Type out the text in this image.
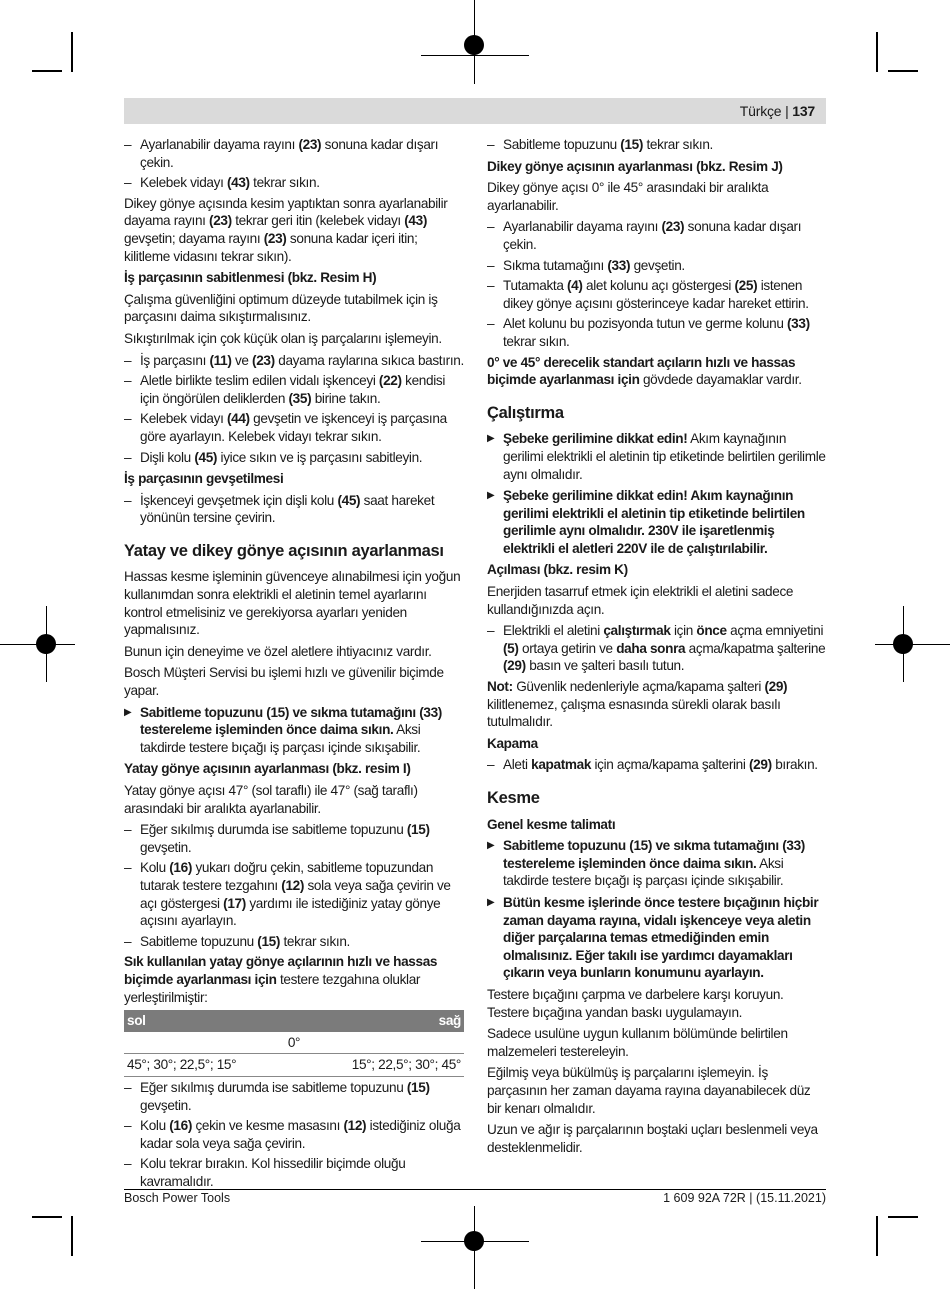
Türkçe | 137
– Ayarlanabilir dayama rayını (23) sonuna kadar dışarı çekin.
– Kelebek vidayı (43) tekrar sıkın.

Dikey gönye açısında kesim yaptıktan sonra ayarlanabilir dayama rayını (23) tekrar geri itin (kelebek vidayı (43) gevşetin; dayama rayını (23) sonuna kadar içeri itin; kilitleme vidasını tekrar sıkın).

İş parçasının sabitlenmesi (bkz. Resim H)

Çalışma güvenliğini optimum düzeyde tutabilmek için iş parçasını daima sıkıştırmalısınız.

Sıkıştırılmak için çok küçük olan iş parçalarını işlemeyin.

– İş parçasını (11) ve (23) dayama raylarına sıkıca bastırın.
– Aletle birlikte teslim edilen vidalı işkenceyi (22) kendisi için öngörülen deliklerden (35) birine takın.
– Kelebek vidayı (44) gevşetin ve işkenceyi iş parçasına göre ayarlayın. Kelebek vidayı tekrar sıkın.
– Dişli kolu (45) iyice sıkın ve iş parçasını sabitleyin.
İş parçasının gevşetilmesi
– İşkenceyi gevşetmek için dişli kolu (45) saat hareket yönünün tersine çevirin.
Yatay ve dikey gönye açısının ayarlanması

Hassas kesme işleminin güvenceye alınabilmesi için yoğun kullanımdan sonra elektrikli el aletinin temel ayarlarını kontrol etmelisiniz ve gerekiyorsa ayarları yeniden yapmalısınız.

Bunun için deneyime ve özel aletlere ihtiyacınız vardır.

Bosch Müşteri Servisi bu işlemi hızlı ve güvenilir biçimde yapar.

▶ Sabitleme topuzunu (15) ve sıkma tutamağını (33) testereleme işleminden önce daima sıkın. Aksi takdirde testere bıçağı iş parçası içinde sıkışabilir.
Yatay gönye açısının ayarlanması (bkz. resim I)

Yatay gönye açısı 47° (sol taraflı) ile 47° (sağ taraflı) arasındaki bir aralıkta ayarlanabilir.

– Eğer sıkılmış durumda ise sabitleme topuzunu (15) gevşetin.
– Kolu (16) yukarı doğru çekin, sabitleme topuzundan tutarak testere tezgahını (12) sola veya sağa çevirin ve açı göstergesi (17) yardımı ile istediğiniz yatay gönye açısını ayarlayın.
– Sabitleme topuzunu (15) tekrar sıkın.

Sık kullanılan yatay gönye açılarının hızlı ve hassas biçimde ayarlanması için testere tezgahına oluklar yerleştirilmiştir:

sol	sağ
0°	
45°; 30°; 22,5°; 15°	15°; 22,5°; 30°; 45°
– Eğer sıkılmış durumda ise sabitleme topuzunu (15) gevşetin.
– Kolu (16) çekin ve kesme masasını (12) istediğiniz oluğa kadar sola veya sağa çevirin.
– Kolu tekrar bırakın. Kol hissedilir biçimde oluğu kavramalıdır.
– Sabitleme topuzunu (15) tekrar sıkın.
Dikey gönye açısının ayarlanması (bkz. Resim J)

Dikey gönye açısı 0° ile 45° arasındaki bir aralıkta ayarlanabilir.

– Ayarlanabilir dayama rayını (23) sonuna kadar dışarı çekin.
– Sıkma tutamağını (33) gevşetin.
– Tutamakta (4) alet kolunu açı göstergesi (25) istenen dikey gönye açısını gösterinceye kadar hareket ettirin.
– Alet kolunu bu pozisyonda tutun ve germe kolunu (33) tekrar sıkın.

0° ve 45° derecelik standart açıların hızlı ve hassas biçimde ayarlanması için gövdede dayamaklar vardır.

Çalıştırma
▶ Şebeke gerilimine dikkat edin! Akım kaynağının gerilimi elektrikli el aletinin tip etiketinde belirtilen gerilimle aynı olmalıdır.
▶ Şebeke gerilimine dikkat edin! Akım kaynağının gerilimi elektrikli el aletinin tip etiketinde belirtilen gerilimle aynı olmalıdır. 230V ile işaretlenmiş elektrikli el aletleri 220V ile de çalıştırılabilir.
Açılması (bkz. resim K)

Enerjiden tasarruf etmek için elektrikli el aletini sadece kullandığınızda açın.

– Elektrikli el aletini çalıştırmak için önce açma emniyetini (5) ortaya getirin ve daha sonra açma/kapatma şalterine (29) basın ve şalteri basılı tutun.

Not: Güvenlik nedenleriyle açma/kapama şalteri (29) kilitlenemez, çalışma esnasında sürekli olarak basılı tutulmalıdır.

Kapama
– Aleti kapatmak için açma/kapama şalterini (29) bırakın.
Kesme
Genel kesme talimatı
▶ Sabitleme topuzunu (15) ve sıkma tutamağını (33) testereleme işleminden önce daima sıkın. Aksi takdirde testere bıçağı iş parçası içinde sıkışabilir.
▶ Bütün kesme işlerinde önce testere bıçağının hiçbir zaman dayama rayına, vidalı işkenceye veya aletin diğer parçalarına temas etmediğinden emin olmalısınız. Eğer takılı ise yardımcı dayamakları çıkarın veya bunların konumunu ayarlayın.

Testere bıçağını çarpma ve darbelere karşı koruyun. Testere bıçağına yandan baskı uygulamayın.

Sadece usulüne uygun kullanım bölümünde belirtilen malzemeleri testereleyin.

Eğilmiş veya bükülmüş iş parçalarını işlemeyin. İş parçasının her zaman dayama rayına dayanabilecek düz bir kenarı olmalıdır.

Uzun ve ağır iş parçalarının boştaki uçları beslenmeli veya desteklenmelidir.

Bosch Power Tools	1 609 92A 72R | (15.11.2021)
